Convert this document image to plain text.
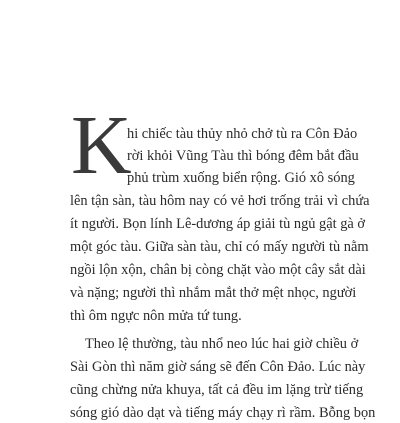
K
hi chiếc tàu thủy nhỏ chở tù ra Côn Đảo
rời khỏi Vũng Tàu thì bóng đêm bắt đầu
phủ trùm xuống biển rộng. Gió xô sóng
lên tận sàn, tàu hôm nay có vẻ hơi trống trải vì chứa
ít người. Bọn lính Lê-dương áp giải tù ngủ gật gà ở
một góc tàu. Giữa sàn tàu, chỉ có mấy người tù nằm
ngồi lộn xộn, chân bị còng chặt vào một cây sắt dài
và nặng; người thì nhắm mắt thở mệt nhọc, người
thì ôm ngực nôn mửa tứ tung.
Theo lệ thường, tàu nhổ neo lúc hai giờ chiều ở
Sài Gòn thì năm giờ sáng sẽ đến Côn Đảo. Lúc này
cũng chừng nửa khuya, tất cả đều im lặng trừ tiếng
sóng gió dào dạt và tiếng máy chạy rì rầm. Bỗng bọn
